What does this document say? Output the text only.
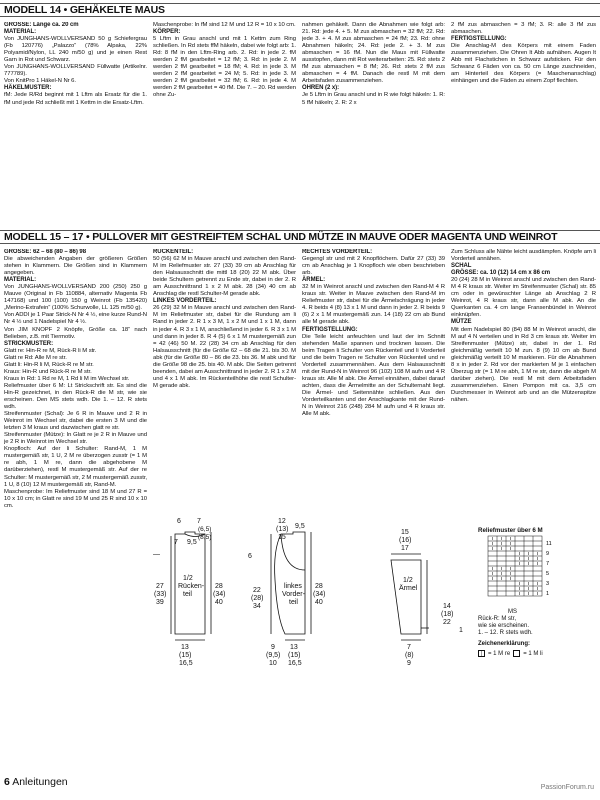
MODELL 14 • GEHÄKELTE MAUS
GRÖSSE: Länge ca. 20 cm
MATERIAL:

Von JUNGHANS-WOLLVERSAND 50 g Schiefergrau (Fb 120776) „Palazzo“ (78% Alpaka, 22% Polyamid/Nylon, LL 240 m/50 g) und je einen Rest Garn in Rot und Schwarz.

Von JUNGHANS-WOLLVERSAND Füllwatte (Artikelnr. 777789).

Von KnitPro 1 Häkel-N Nr 6.

HÄKELMUSTER:

fM: Jede R/Rd beginnt mit 1 Lftm als Ersatz für die 1. fM und jede Rd schließt mit 1 Kettm in die Ersatz-Lftm.

Maschenprobe: In fM sind 12 M und 12 R = 10 x 10 cm.

KÖRPER:

5 Lftm in Grau anschl und mit 1 Kettm zum Ring schließen. In Rd stets ffM häkeln, dabei wie folgt arb: 1. Rd: 8 fM in den Lftm-Ring arb. 2. Rd: in jede 2. fM werden 2 fM gearbeitet = 12 fM; 3. Rd: in jede 2. M werden 2 fM gearbeitet = 18 fM; 4. Rd: in jede 3. M werden 2 fM gearbeitet = 24 M; 5. Rd: in jede 3. M werden 2 fM gearbeitet = 32 fM; 6. Rd: in jede 4. M werden 2 fM gearbeitet = 40 fM. Die 7. – 20. Rd werden ohne Zu-

nahmen gehäkelt. Dann die Abnahmen wie folgt arb: 21. Rd: jede 4. + 5. M zus abmaschen = 32 fM; 22. Rd: jede 3. + 4. M zus abmaschen = 24 fM; 23. Rd: ohne Abnahmen häkeln; 24. Rd: jede 2. + 3. M zus abmaschen = 16 fM. Nun die Maus mit Füllwatte ausstopfen, dann mit Rot weiterarbeiten: 25. Rd: stets 2 fM zus abmaschen = 8 fM; 26. Rd: stets 2 fM zus abmaschen = 4 fM. Danach die restl M mit dem Arbeitsfaden zusammenziehen.

OHREN (2 x):

Je 5 Lftm in Grau anschl und in R wie folgt häkeln: 1. R: 5 fM häkeln; 2. R: 2 x

2 fM zus abmaschen = 3 fM; 3. R: alle 3 fM zus abmaschen.

FERTIGSTELLUNG:

Die Anschlag-M des Körpers mit einem Faden zusammenziehen. Die Ohren lt Abb aufnähen. Augen lt Abb mit Flachstichen in Schwarz aufsticken. Für den Schwanz 6 Fäden von ca. 50 cm Länge zuschneiden, am Hinterteil des Körpers (= Maschenanschlag) einhängen und die Fäden zu einem Zopf flechten.

MODELL 15 – 17 • PULLOVER MIT GESTREIFTEM SCHAL UND MÜTZE IN MAUVE ODER MAGENTA UND WEINROT
GRÖSSE: 62 – 68 (80 – 86) 98

Die abweichenden Angaben der größeren Größen stehen in Klammern. Die Größen sind in Klammern angegeben.

MATERIAL:

Von JUNGHANS-WOLLVERSAND 200 (250) 250 g Mauve (Original in Fb 110884, alternativ Magenta Fb 147168) und 100 (100) 150 g Weinrot (Fb 135420) „Merino-Extrafein“ (100% Schurwolle, LL 125 m/50 g).

Von ADDI je 1 Paar Strick-N Nr 4 ½, eine kurze Rund-N Nr 4 ½ und 1 Nadelspiel Nr 4 ½.

Von JIM KNOPF 2 Knöpfe, Größe ca. 18“ nach Belieben, z.B. mit Tiermotiv.

STRICKMUSTER:

Glatt re: Hin-R re M, Rück-R li M str.

Glatt re Rd: Alle M re str.

Glatt li: Hin-R li M, Rück-R re M str.

Kraus: Hin-R und Rück-R re M str.

Kraus in Rd: 1 Rd re M, 1 Rd li M im Wechsel str.

Reliefmuster über 6 M: Lt Strickschrift str. Es sind die Hin-R gezeichnet, in den Rück-R die M str, wie sie erscheinen. Den MS stets wdh. Die 1. – 12. R stets wdh.

Streifenmuster (Schal): Je 6 R in Mauve und 2 R in Weinrot im Wechsel str, dabei die ersten 3 M und die letzten 3 M kraus und dazwischen glatt re str.

Streifenmuster (Mütze): In Glatt re je 2 R in Mauve und je 2 R in Weinrot im Wechsel str.

Knopfloch: Auf der li Schulter: Rand-M, 1 M mustergemäß str, 1 U, 2 M re überzogen zusstr (= 1 M re abh, 1 M re, dann die abgehobene M darüberziehen), restl M mustergemäß str. Auf der re Schulter: M mustergemäß str, 2 M mustergemäß zusstr, 1 U, 8 (10) 12 M mustergemäß str, Rand-M.

Maschenprobe: Im Reliefmuster sind 18 M und 27 R = 10 x 10 cm; in Glatt re sind 19 M und 25 R sind 10 x 10 cm.

RÜCKENTEIL:

50 (56) 62 M in Mauve anschl und zwischen den Rand-M im Reliefmuster str. 27 (33) 39 cm ab Anschlag für den Halsausschnitt die mittl 18 (20) 22 M abk. Über beide Schultern getrennt zu Ende str, dabei in der 2. R am Ausschnittrand 1 x 2 M abk. 28 (34) 40 cm ab Anschlag die restl Schulter-M gerade abk.

LINKES VORDERTEIL:

26 (29) 32 M in Mauve anschl und zwischen den Rand-M im Reliefmuster str, dabei für die Rundung am li Rand in jeder 2. R 1 x 3 M, 1 x 2 M und 1 x 1 M, dann in jeder 4. R 3 x 1 M, anschließend in jeder 6. R 3 x 1 M und dann in jeder 8. R 4 (5) 6 x 1 M mustergemäß zun = 42 (46) 50 M. 22 (28) 34 cm ab Anschlag für den Halsausschnitt (für die Größe 62 – 68 die 21. bis 30. M abk (für die Größe 80 – 86 die 23. bis 36. M abk und für die Größe 98 die 25. bis 40. M abk. Die Seiten getrennt beenden, dabei am Ausschnittrand in jeder 2. R 1 x 2 M und 4 x 1 M abk. Im Rückenteilhöhe die restl Schulter-M gerade abk.

RECHTES VORDERTEIL:

Gegengl str und mit 2 Knopflöchern. Dafür 27 (33) 39 cm ab Anschlag je 1 Knopfloch wie oben beschrieben arb.

ÄRMEL:

32 M in Weinrot anschl und zwischen den Rand-M 4 R kraus str. Weiter in Mauve zwischen den Rand-M im Reliefmuster str, dabei für die Ärmelschrägung in jeder 4. R beids 4 (8) 13 x 1 M und dann in jeder 2. R beids 9 (6) 2 x 1 M mustergemäß zun. 14 (18) 22 cm ab Bund alle M gerade abk.

FERTIGSTELLUNG:

Die Teile leicht anfeuchten und laut der im Schnitt stehenden Maße spannen und trocknen lassen. Die beim Tragen li Schulter von Rückenteil und li Vorderteil und die beim Tragen re Schulter von Rückenteil und re Vorderteil zusammennähen. Aus dem Halsausschnitt mit der Rund-N in Weinrot 96 (102) 108 M aufn und 4 R kraus str. Alle M abk. Die Ärmel einnähen, dabei darauf achten, dass die Ärmelmitte an der Schulternaht liegt. Die Ärmel- und Seitennähte schließen. Aus den Vorderteilkanten und der Anschlagkante mit der Rund-N in Weinrot 216 (248) 284 M aufn und 4 R kraus str. Alle M abk.

Zum Schluss alle Nähte leicht ausdämpfen. Knöpfe am li Vorderteil annähen.

SCHAL
GRÖSSE: ca. 10 (12) 14 cm x 86 cm

20 (24) 28 M in Weinrot anschl und zwischen den Rand-M 4 R kraus str. Weiter im Streifenmuster (Schal) str. 85 cm oder in gewünschter Länge ab Anschlag 2 R Weinrot, 4 R kraus str, dann alle M abk. An die Querkanten ca. 4 cm lange Fransenbündel in Weinrot einknüpfen.

MÜTZE

Mit dem Nadelspiel 80 (84) 88 M in Weinrot anschl, die M auf 4 N verteilen und in Rd 3 cm kraus str. Weiter im Streifenmuster (Mütze) str, dabei in der 1. Rd gleichmäßig verteilt 10 M zun. 8 (9) 10 cm ab Bund gleichmäßig verteilt 10 M markieren. Für die Abnahmen 8 x in jeder 2. Rd vor der markierten M je 1 einfachen Überzug str (= 1 M re abh, 1 M re str, dann die abgeh M darüber ziehen). Die restl M mit dem Arbeitsfaden zusammenziehen. Einen Pompon mit ca. 3,5 cm Durchmesser in Weinrot arb und an die Mützenspitze nähen.

6 7
(6,5)
(8,5)
7 9,5
—
27
(33)
39
1/2
Rücken-
teil
28
(34)
40
13
(15)
16,5
6
12
(13)
15
9,5
22
(28)
34
linkes
Vorder-
teil
28
(34)
40
9
(9,5)
10
13
(15)
16,5
15
(16)
17
1/2
Ärmel
14
(18)
22
1
7
(8)
9
Reliefmuster über 6 M
11
9
7
5
3
1
MS
Rück-R: M str,
wie sie erscheinen.
1. – 12. R stets wdh.
Zeichenerklärung:
| = 1 M re = 1 M li
6 Anleitungen	PassionForum.ru
